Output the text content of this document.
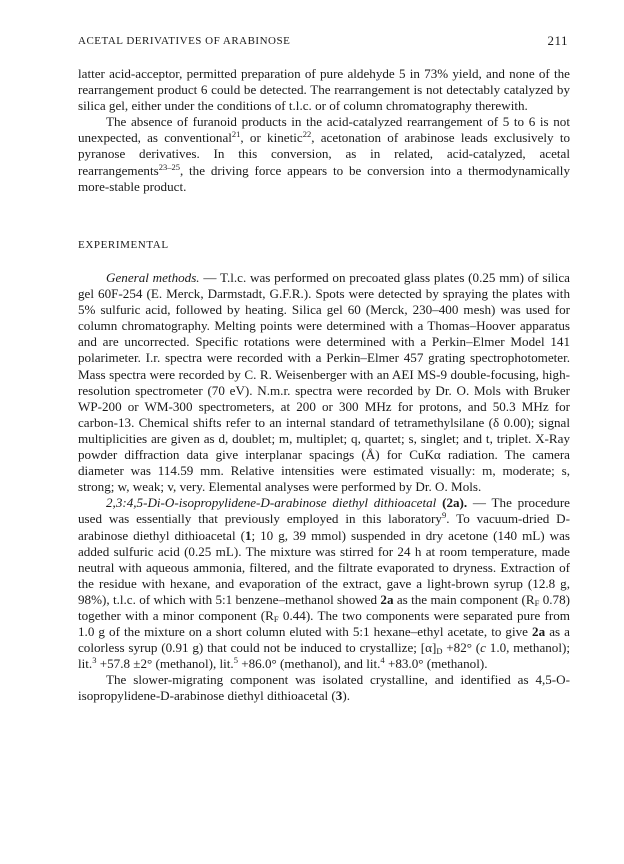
ACETAL DERIVATIVES OF ARABINOSE	211

latter acid-acceptor, permitted preparation of pure aldehyde 5 in 73% yield, and none of the rearrangement product 6 could be detected. The rearrangement is not detectably catalyzed by silica gel, either under the conditions of t.l.c. or of column chromatography therewith.

The absence of furanoid products in the acid-catalyzed rearrangement of 5 to 6 is not unexpected, as conventional$^{21}$, or kinetic$^{22}$, acetonation of arabinose leads exclusively to pyranose derivatives. In this conversion, as in related, acid-catalyzed, acetal rearrangements$^{23-25}$, the driving force appears to be conversion into a thermodynamically more-stable product.

EXPERIMENTAL

General methods. — T.l.c. was performed on precoated glass plates (0.25 mm) of silica gel 60F-254 (E. Merck, Darmstadt, G.F.R.). Spots were detected by spraying the plates with 5% sulfuric acid, followed by heating. Silica gel 60 (Merck, 230–400 mesh) was used for column chromatography. Melting points were determined with a Thomas–Hoover apparatus and are uncorrected. Specific rotations were determined with a Perkin–Elmer Model 141 polarimeter. I.r. spectra were recorded with a Perkin–Elmer 457 grating spectrophotometer. Mass spectra were recorded by C. R. Weisenberger with an AEI MS-9 double-focusing, high-resolution spectrometer (70 eV). N.m.r. spectra were recorded by Dr. O. Mols with Bruker WP-200 or WM-300 spectrometers, at 200 or 300 MHz for protons, and 50.3 MHz for carbon-13. Chemical shifts refer to an internal standard of tetramethylsilane (δ 0.00); signal multiplicities are given as d, doublet; m, multiplet; q, quartet; s, singlet; and t, triplet. X-Ray powder diffraction data give interplanar spacings (Å) for CuKα radiation. The camera diameter was 114.59 mm. Relative intensities were estimated visually: m, moderate; s, strong; w, weak; v, very. Elemental analyses were performed by Dr. O. Mols.

2,3:4,5-Di-O-isopropylidene-D-arabinose diethyl dithioacetal (2a). — The procedure used was essentially that previously employed in this laboratory$^9$. To vacuum-dried D-arabinose diethyl dithioacetal (1; 10 g, 39 mmol) suspended in dry acetone (140 mL) was added sulfuric acid (0.25 mL). The mixture was stirred for 24 h at room temperature, made neutral with aqueous ammonia, filtered, and the filtrate evaporated to dryness. Extraction of the residue with hexane, and evaporation of the extract, gave a light-brown syrup (12.8 g, 98%), t.l.c. of which with 5:1 benzene–methanol showed 2a as the main component ($R_F$ 0.78) together with a minor component ($R_F$ 0.44). The two components were separated pure from 1.0 g of the mixture on a short column eluted with 5:1 hexane–ethyl acetate, to give 2a as a colorless syrup (0.91 g) that could not be induced to crystallize; $[\alpha]_D +82^\circ$ (c 1.0, methanol); lit.$^3$ +57.8 ±2° (methanol), lit.$^5$ +86.0° (methanol), and lit.$^4$ +83.0° (methanol).

The slower-migrating component was isolated crystalline, and identified as 4,5-O-isopropylidene-D-arabinose diethyl dithioacetal (3).
